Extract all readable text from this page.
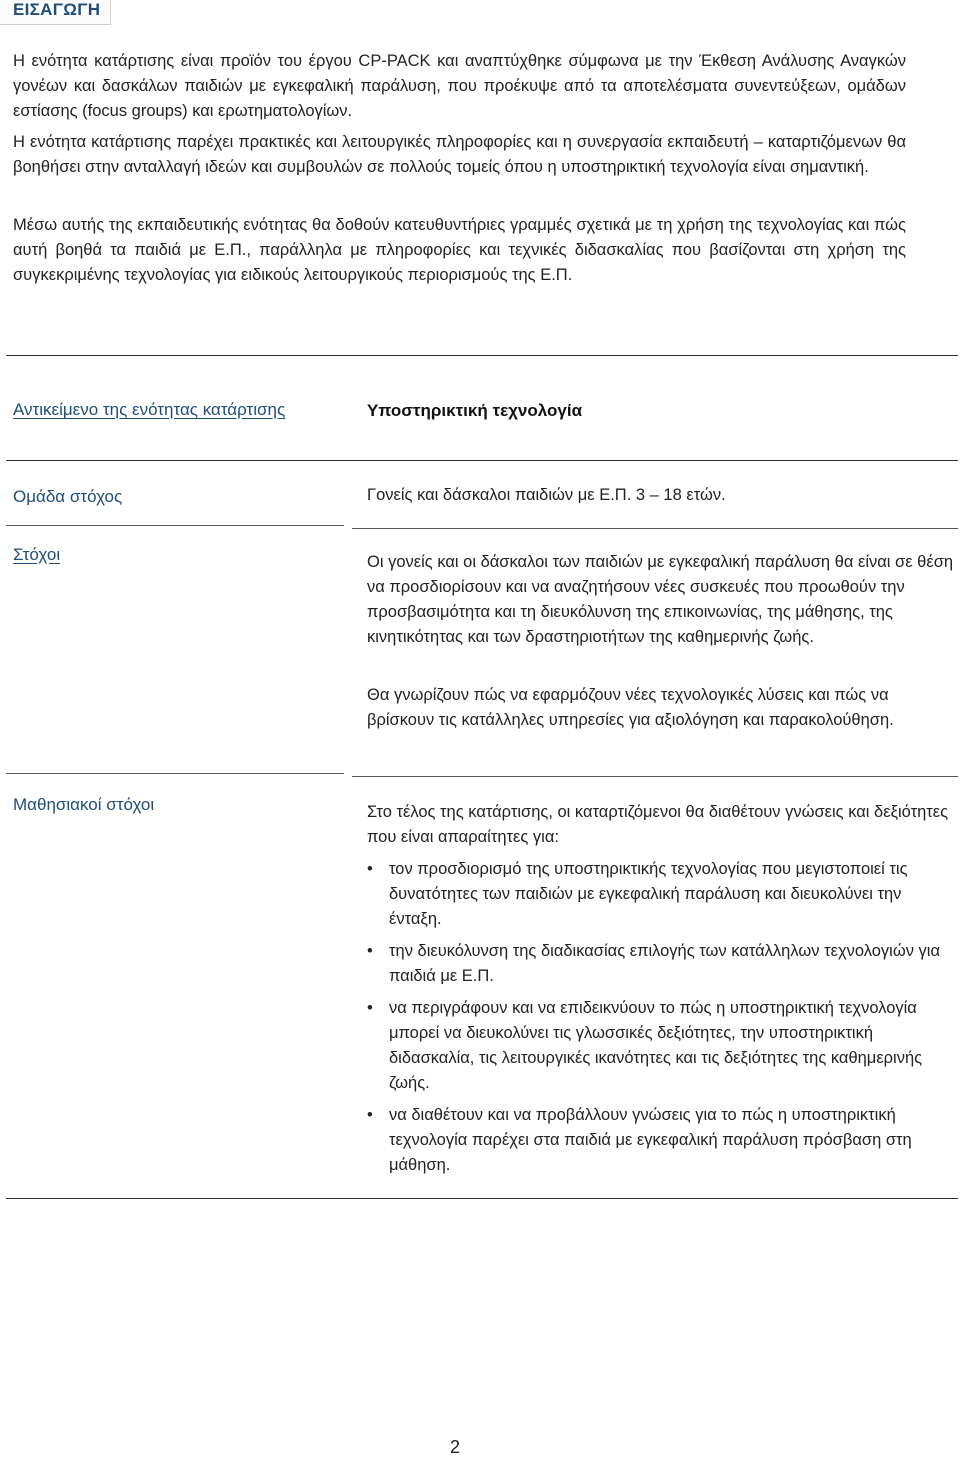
ΕΙΣΑΓΩΓΗ

Η ενότητα κατάρτισης είναι προϊόν του έργου CP-PACK και αναπτύχθηκε σύμφωνα με την Έκθεση Ανάλυσης Αναγκών γονέων και δασκάλων παιδιών με εγκεφαλική παράλυση, που προέκυψε από τα αποτελέσματα συνεντεύξεων, ομάδων εστίασης (focus groups) και ερωτηματολογίων.

Η ενότητα κατάρτισης παρέχει πρακτικές και λειτουργικές πληροφορίες και η συνεργασία εκπαιδευτή – καταρτιζόμενων θα βοηθήσει στην ανταλλαγή ιδεών και συμβουλών σε πολλούς τομείς όπου η υποστηρικτική τεχνολογία είναι σημαντική.

Μέσω αυτής της εκπαιδευτικής ενότητας θα δοθούν κατευθυντήριες γραμμές σχετικά με τη χρήση της τεχνολογίας και πώς αυτή βοηθά τα παιδιά με Ε.Π., παράλληλα με πληροφορίες και τεχνικές διδασκαλίας που βασίζονται στη χρήση της συγκεκριμένης τεχνολογίας για ειδικούς λειτουργικούς περιορισμούς της Ε.Π.

Αντικείμενο της ενότητας κατάρτισης	Υποστηρικτική τεχνολογία
Ομάδα στόχος	Γονείς και δάσκαλοι παιδιών με Ε.Π. 3 – 18 ετών.
Στόχοι	Οι γονείς και οι δάσκαλοι των παιδιών με εγκεφαλική παράλυση θα είναι σε θέση να προσδιορίσουν και να αναζητήσουν νέες συσκευές που προωθούν την προσβασιμότητα και τη διευκόλυνση της επικοινωνίας, της μάθησης, της κινητικότητας και των δραστηριοτήτων της καθημερινής ζωής.

Θα γνωρίζουν πώς να εφαρμόζουν νέες τεχνολογικές λύσεις και πώς να βρίσκουν τις κατάλληλες υπηρεσίες για αξιολόγηση και παρακολούθηση.

Μαθησιακοί στόχοι	Στο τέλος της κατάρτισης, οι καταρτιζόμενοι θα διαθέτουν γνώσεις και δεξιότητες που είναι απαραίτητες για:

• τον προσδιορισμό της υποστηρικτικής τεχνολογίας που μεγιστοποιεί τις δυνατότητες των παιδιών με εγκεφαλική παράλυση και διευκολύνει την ένταξη.
• την διευκόλυνση της διαδικασίας επιλογής των κατάλληλων τεχνολογιών για παιδιά με Ε.Π.
• να περιγράφουν και να επιδεικνύουν το πώς η υποστηρικτική τεχνολογία μπορεί να διευκολύνει τις γλωσσικές δεξιότητες, την υποστηρικτική διδασκαλία, τις λειτουργικές ικανότητες και τις δεξιότητες της καθημερινής ζωής.
• να διαθέτουν και να προβάλλουν γνώσεις για το πώς η υποστηρικτική τεχνολογία παρέχει στα παιδιά με εγκεφαλική παράλυση πρόσβαση στη μάθηση.
2
